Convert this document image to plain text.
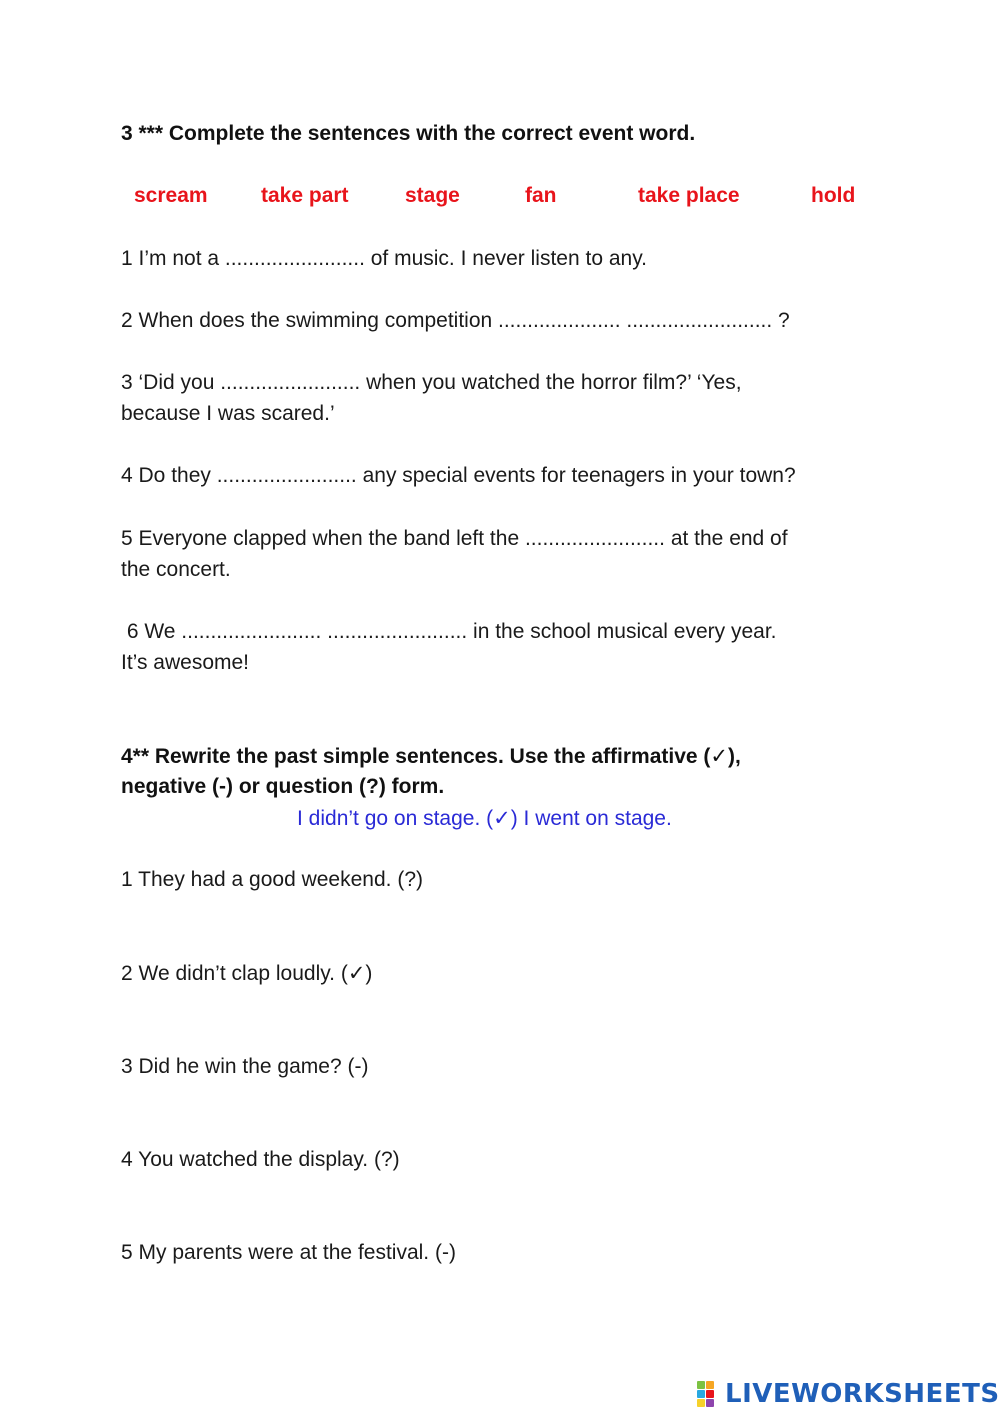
3 *** Complete the sentences with the correct event word.
scream	take part	stage	fan	take place	hold
1 I’m not a ........................ of music. I never listen to any.
2 When does the swimming competition ..................... ......................... ?
3 ‘Did you ........................ when you watched the horror film?’ ‘Yes,
because I was scared.’
4 Do they ........................ any special events for teenagers in your town?
5 Everyone clapped when the band left the ........................ at the end of
the concert.
6 We ........................ ........................ in the school musical every year.
It’s awesome!
4** Rewrite the past simple sentences. Use the affirmative (✓),
negative (-) or question (?) form.
I didn’t go on stage. (✓) I went on stage.
1 They had a good weekend. (?)
2 We didn’t clap loudly. (✓)
3 Did he win the game? (-)
4 You watched the display. (?)
5 My parents were at the festival. (-)
LIVEWORKSHEETS
